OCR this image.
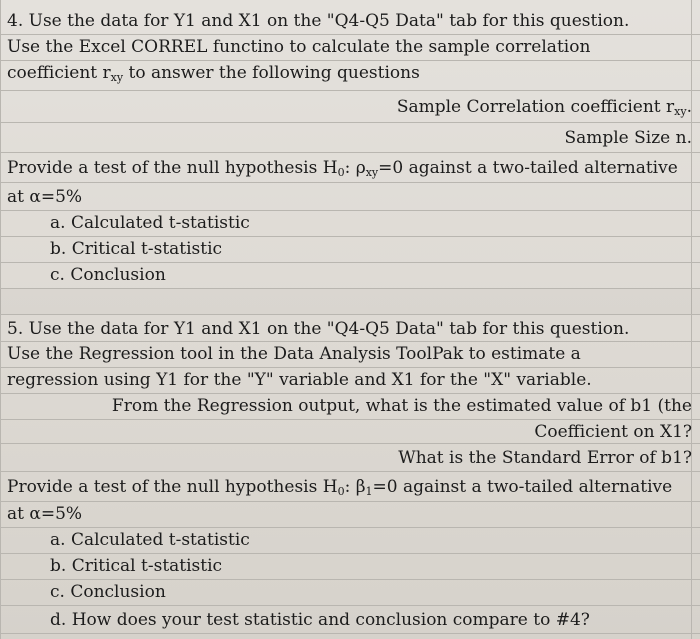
4. Use the data for Y1 and X1 on the "Q4-Q5 Data" tab for this question.
Use the Excel CORREL functino to calculate the sample correlation
coefficient $r_{xy}$ to answer the following questions
Sample Correlation coefficient $r_{xy}$.
Sample Size n.
Provide a test of the null hypothesis $H_0$: $\rho_{xy}=0$ against a two-tailed alternative
at α=5%
a. Calculated t-statistic
b. Critical t-statistic
c. Conclusion
5. Use the data for Y1 and X1 on the "Q4-Q5 Data" tab for this question.
Use the Regression tool in the Data Analysis ToolPak to estimate a
regression using Y1 for the "Y" variable and X1 for the "X" variable.
From the Regression output, what is the estimated value of b1 (the
Coefficient on X1?
What is the Standard Error of b1?
Provide a test of the null hypothesis $H_0$: $\beta_1=0$ against a two-tailed alternative
at α=5%
a. Calculated t-statistic
b. Critical t-statistic
c. Conclusion
d. How does your test statistic and conclusion compare to #4?
